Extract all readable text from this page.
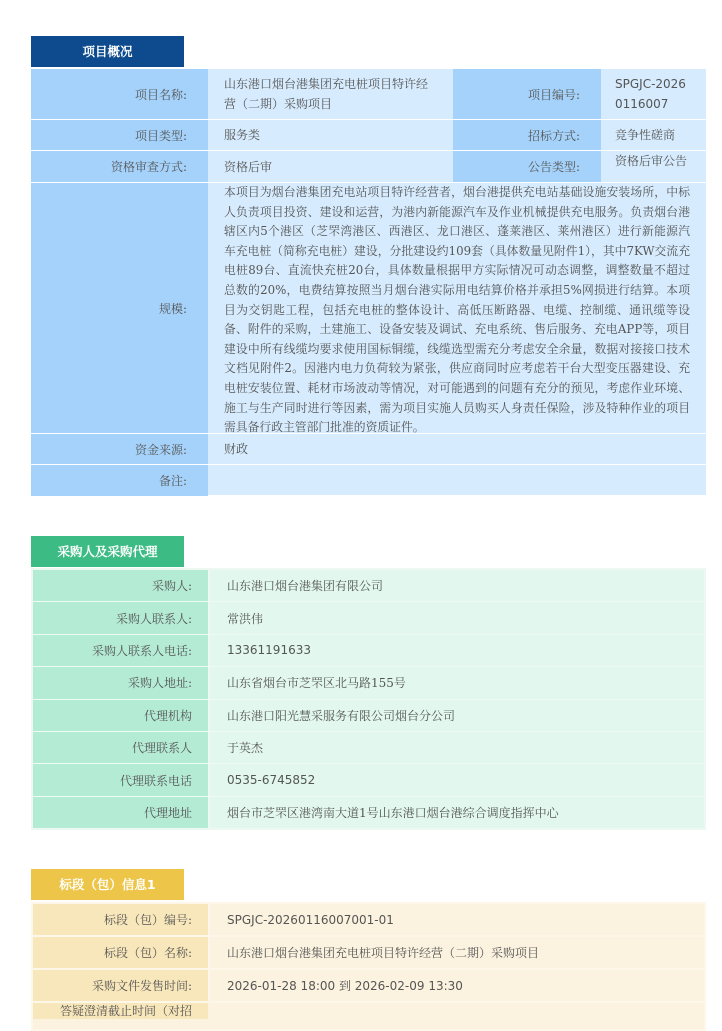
项目概况
项目名称:
山东港口烟台港集团充电桩项目特许经营（二期）采购项目
项目编号:
SPGJC-20260116007
项目类型:	服务类	招标方式:	竞争性磋商
资格审查方式:	资格后审	公告类型:	资格后审公告
规模:
本项目为烟台港集团充电站项目特许经营者，烟台港提供充电站基础设施安装场所，中标人负责项目投资、建设和运营，为港内新能源汽车及作业机械提供充电服务。负责烟台港辖区内5个港区（芝罘湾港区、西港区、龙口港区、蓬莱港区、莱州港区）进行新能源汽车充电桩（简称充电桩）建设，分批建设约109套（具体数量见附件1），其中7KW交流充电桩89台、直流快充桩20台，具体数量根据甲方实际情况可动态调整，调整数量不超过总数的20%，电费结算按照当月烟台港实际用电结算价格并承担5%网损进行结算。本项目为交钥匙工程，包括充电桩的整体设计、高低压断路器、电缆、控制缆、通讯缆等设备、附件的采购，土建施工、设备安装及调试、充电系统、售后服务、充电APP等，项目建设中所有线缆均要求使用国标铜缆，线缆选型需充分考虑安全余量，数据对接接口技术文档见附件2。因港内电力负荷较为紧张，供应商同时应考虑若干台大型变压器建设、充电桩安装位置、耗材市场波动等情况，对可能遇到的问题有充分的预见，考虑作业环境、施工与生产同时进行等因素，需为项目实施人员购买人身责任保险，涉及特种作业的项目需具备行政主管部门批准的资质证件。
资金来源:	财政
备注:
采购人及采购代理
采购人:	山东港口烟台港集团有限公司
采购人联系人:	常洪伟
采购人联系人电话:	13361191633
采购人地址:	山东省烟台市芝罘区北马路155号
代理机构	山东港口阳光慧采服务有限公司烟台分公司
代理联系人	于英杰
代理联系电话	0535-6745852
代理地址	烟台市芝罘区港湾南大道1号山东港口烟台港综合调度指挥中心
标段（包）信息1
标段（包）编号:	SPGJC-20260116007001-01
标段（包）名称:	山东港口烟台港集团充电桩项目特许经营（二期）采购项目
采购文件发售时间:	2026-01-28 18:00 到 2026-02-09 13:30
答疑澄清截止时间（对招
